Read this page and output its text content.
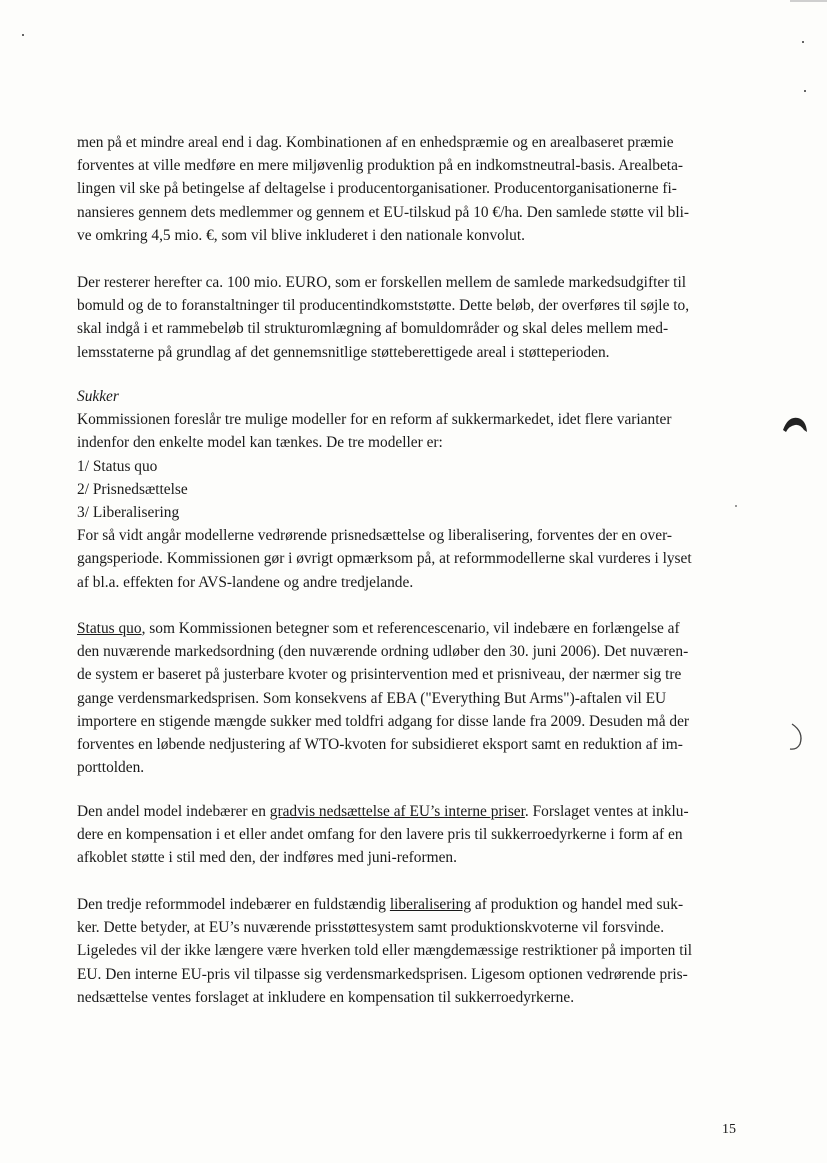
men på et mindre areal end i dag. Kombinationen af en enhedspræmie og en arealbaseret præmie
forventes at ville medføre en mere miljøvenlig produktion på en indkomstneutral-basis. Arealbeta-
lingen vil ske på betingelse af deltagelse i producentorganisationer. Producentorganisationerne fi-
nansieres gennem dets medlemmer og gennem et EU-tilskud på 10 €/ha. Den samlede støtte vil bli-
ve omkring 4,5 mio. €, som vil blive inkluderet i den nationale konvolut.
Der resterer herefter ca. 100 mio. EURO, som er forskellen mellem de samlede markedsudgifter til
bomuld og de to foranstaltninger til producentindkomststøtte. Dette beløb, der overføres til søjle to,
skal indgå i et rammebeløb til strukturomlægning af bomuldområder og skal deles mellem med-
lemsstaterne på grundlag af det gennemsnitlige støtteberettigede areal i støtteperioden.
Sukker
Kommissionen foreslår tre mulige modeller for en reform af sukkermarkedet, idet flere varianter
indenfor den enkelte model kan tænkes. De tre modeller er:
1/ Status quo
2/ Prisnedsættelse
3/ Liberalisering
For så vidt angår modellerne vedrørende prisnedsættelse og liberalisering, forventes der en over-
gangsperiode. Kommissionen gør i øvrigt opmærksom på, at reformmodellerne skal vurderes i lyset
af bl.a. effekten for AVS-landene og andre tredjelande.
Status quo, som Kommissionen betegner som et referencescenario, vil indebære en forlængelse af
den nuværende markedsordning (den nuværende ordning udløber den 30. juni 2006). Det nuværen-
de system er baseret på justerbare kvoter og prisintervention med et prisniveau, der nærmer sig tre
gange verdensmarkedsprisen. Som konsekvens af EBA ("Everything But Arms")-aftalen vil EU
importere en stigende mængde sukker med toldfri adgang for disse lande fra 2009. Desuden må der
forventes en løbende nedjustering af WTO-kvoten for subsidieret eksport samt en reduktion af im-
porttolden.
Den andel model indebærer en gradvis nedsættelse af EU’s interne priser. Forslaget ventes at inklu-
dere en kompensation i et eller andet omfang for den lavere pris til sukkerroedyrkerne i form af en
afkoblet støtte i stil med den, der indføres med juni-reformen.
Den tredje reformmodel indebærer en fuldstændig liberalisering af produktion og handel med suk-
ker. Dette betyder, at EU’s nuværende prisstøttesystem samt produktionskvoterne vil forsvinde.
Ligeledes vil der ikke længere være hverken told eller mængdemæssige restriktioner på importen til
EU. Den interne EU-pris vil tilpasse sig verdensmarkedsprisen. Ligesom optionen vedrørende pris-
nedsættelse ventes forslaget at inkludere en kompensation til sukkerroedyrkerne.
15
